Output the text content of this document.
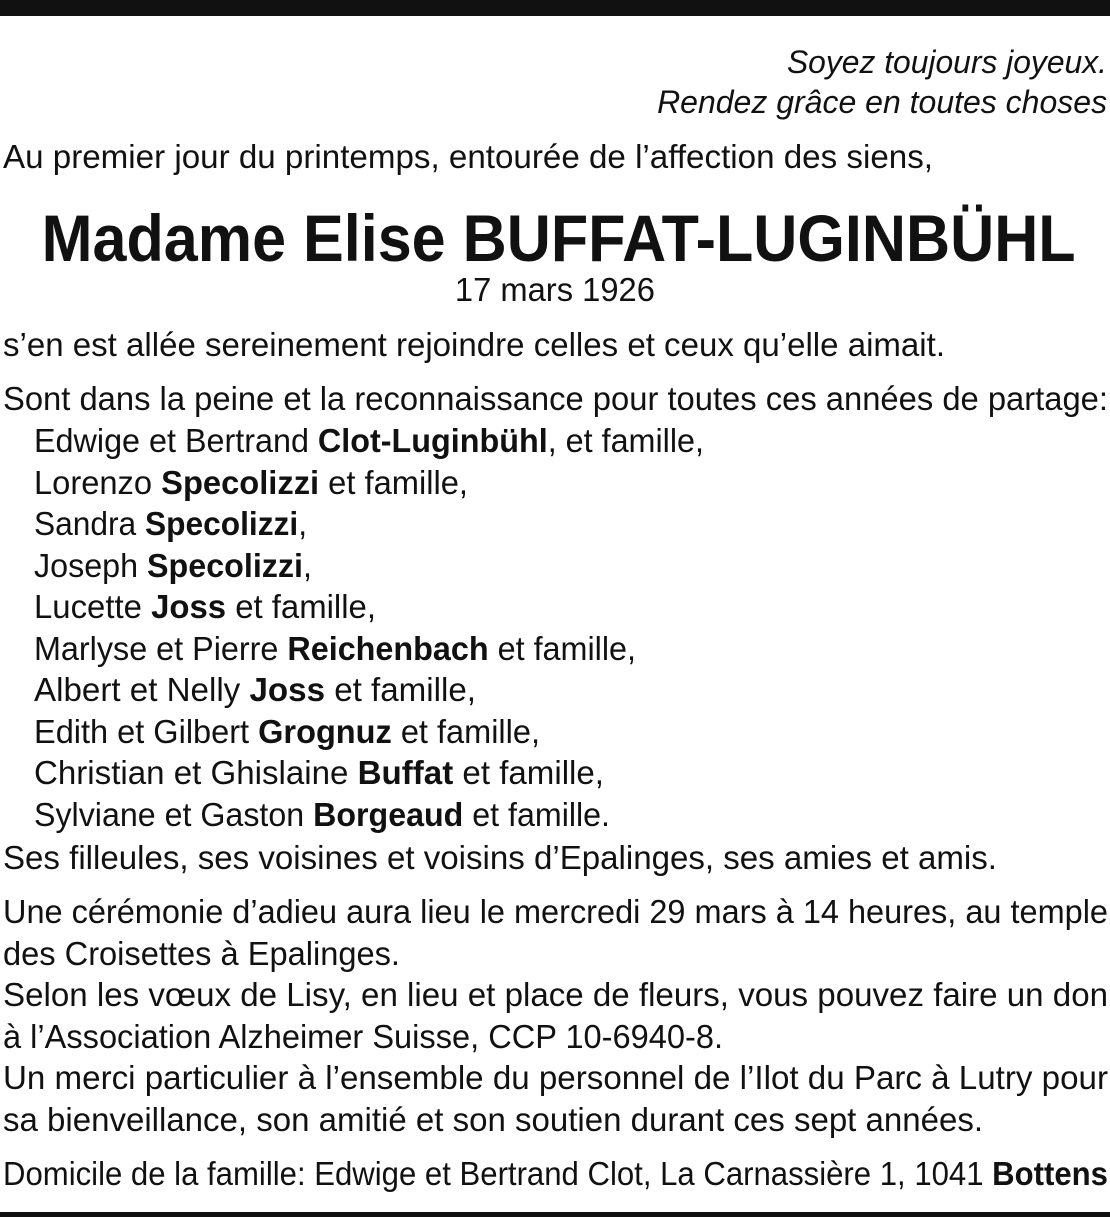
Soyez toujours joyeux.
Rendez grâce en toutes choses
Au premier jour du printemps, entourée de l’affection des siens,
Madame Elise BUFFAT-LUGINBÜHL
17 mars 1926
s’en est allée sereinement rejoindre celles et ceux qu’elle aimait.
Sont dans la peine et la reconnaissance pour toutes ces années de partage:
Edwige et Bertrand Clot-Luginbühl, et famille,
Lorenzo Specolizzi et famille,
Sandra Specolizzi,
Joseph Specolizzi,
Lucette Joss et famille,
Marlyse et Pierre Reichenbach et famille,
Albert et Nelly Joss et famille,
Edith et Gilbert Grognuz et famille,
Christian et Ghislaine Buffat et famille,
Sylviane et Gaston Borgeaud et famille.
Ses filleules, ses voisines et voisins d’Epalinges, ses amies et amis.
Une cérémonie d’adieu aura lieu le mercredi 29 mars à 14 heures, au temple
des Croisettes à Epalinges.
Selon les vœux de Lisy, en lieu et place de fleurs, vous pouvez faire un don
à l’Association Alzheimer Suisse, CCP 10-6940-8.
Un merci particulier à l’ensemble du personnel de l’Ilot du Parc à Lutry pour
sa bienveillance, son amitié et son soutien durant ces sept années.
Domicile de la famille: Edwige et Bertrand Clot, La Carnassière 1, 1041 Bottens
